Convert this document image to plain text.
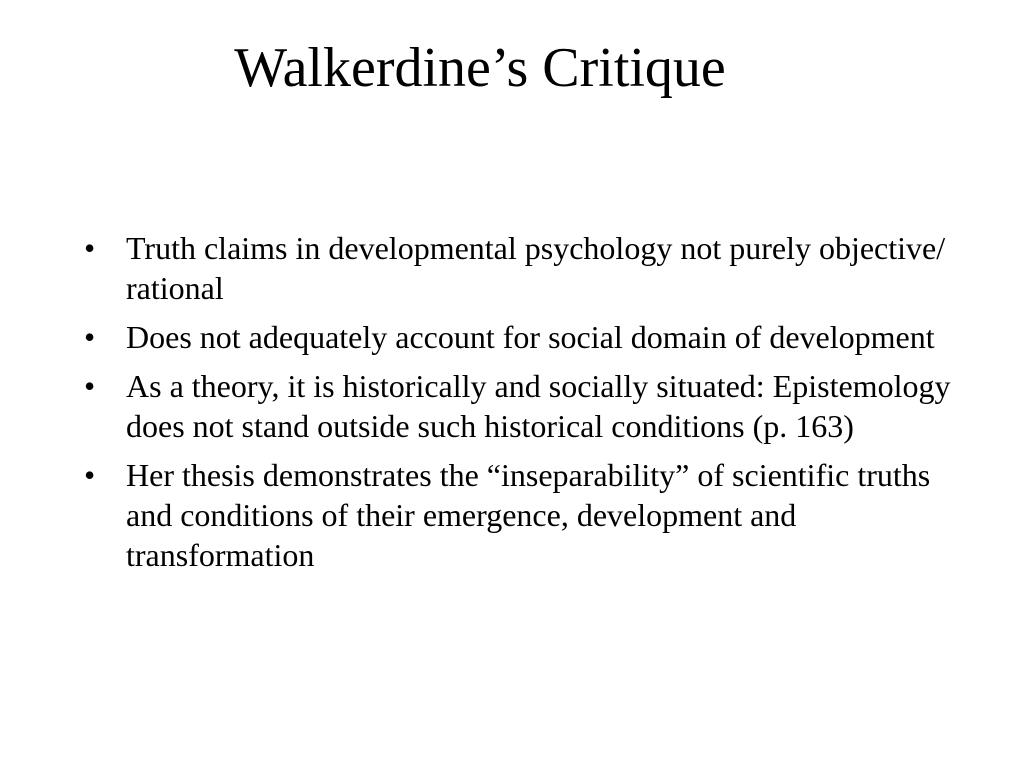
Walkerdine’s Critique
• Truth claims in developmental psychology not purely objective/ rational
• Does not adequately account for social domain of development
• As a theory, it is historically and socially situated: Epistemology does not stand outside such historical conditions (p. 163)
• Her thesis demonstrates the “inseparability” of scientific truths and conditions of their emergence, development and transformation
